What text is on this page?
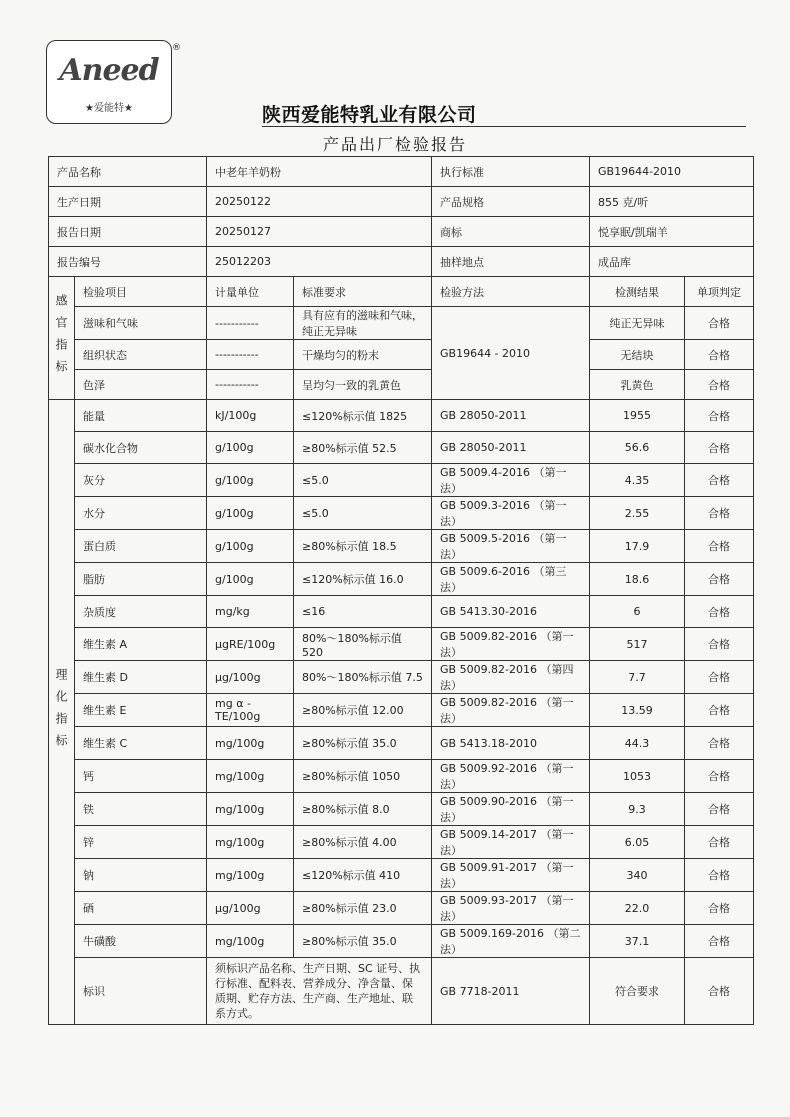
Aneed
®
★爱能特★	陕西爱能特乳业有限公司
产品出厂检验报告
产品名称		中老年羊奶粉		执行标准	GB19644-2010	
生产日期		20250122		产品规格	855 克/听	
报告日期		20250127		商标	悦享眠/凯瑞羊	
报告编号		25012203		抽样地点	成品库	
感官指标	检验项目	计量单位	标准要求	检验方法	检测结果	单项判定
	滋味和气味	-----------	具有应有的滋味和气味，纯正无异味	GB19644 - 2010	纯正无异味	合格
	组织状态	-----------	干燥均匀的粉末		无结块	合格
	色泽	-----------	呈均匀一致的乳黄色		乳黄色	合格
理化指标	能量	kJ/100g	≤120%标示值 1825	GB 28050-2011	1955	合格
	碳水化合物	g/100g	≥80%标示值 52.5	GB 28050-2011	56.6	合格
	灰分	g/100g	≤5.0	GB 5009.4-2016 （第一法）	4.35	合格
	水分	g/100g	≤5.0	GB 5009.3-2016 （第一法）	2.55	合格
	蛋白质	g/100g	≥80%标示值 18.5	GB 5009.5-2016 （第一法）	17.9	合格
	脂肪	g/100g	≤120%标示值 16.0	GB 5009.6-2016 （第三法）	18.6	合格
	杂质度	mg/kg	≤16	GB 5413.30-2016	6	合格
	维生素 A	μgRE/100g	80%～180%标示值 520	GB 5009.82-2016 （第一法）	517	合格
	维生素 D	μg/100g	80%～180%标示值 7.5	GB 5009.82-2016 （第四法）	7.7	合格
	维生素 E	mg α -TE/100g	≥80%标示值 12.00	GB 5009.82-2016 （第一法）	13.59	合格
	维生素 C	mg/100g	≥80%标示值 35.0	GB 5413.18-2010	44.3	合格
	钙	mg/100g	≥80%标示值 1050	GB 5009.92-2016 （第一法）	1053	合格
	铁	mg/100g	≥80%标示值 8.0	GB 5009.90-2016 （第一法）	9.3	合格
	锌	mg/100g	≥80%标示值 4.00	GB 5009.14-2017 （第一法）	6.05	合格
	钠	mg/100g	≤120%标示值 410	GB 5009.91-2017 （第一法）	340	合格
	硒	μg/100g	≥80%标示值 23.0	GB 5009.93-2017 （第一法）	22.0	合格
	牛磺酸	mg/100g	≥80%标示值 35.0	GB 5009.169-2016 （第二法）	37.1	合格
	标识	须标识产品名称、生产日期、SC 证号、执行标准、配料表、营养成分、净含量、保质期、贮存方法、生产商、生产地址、联系方式。		GB 7718-2011	符合要求	合格
